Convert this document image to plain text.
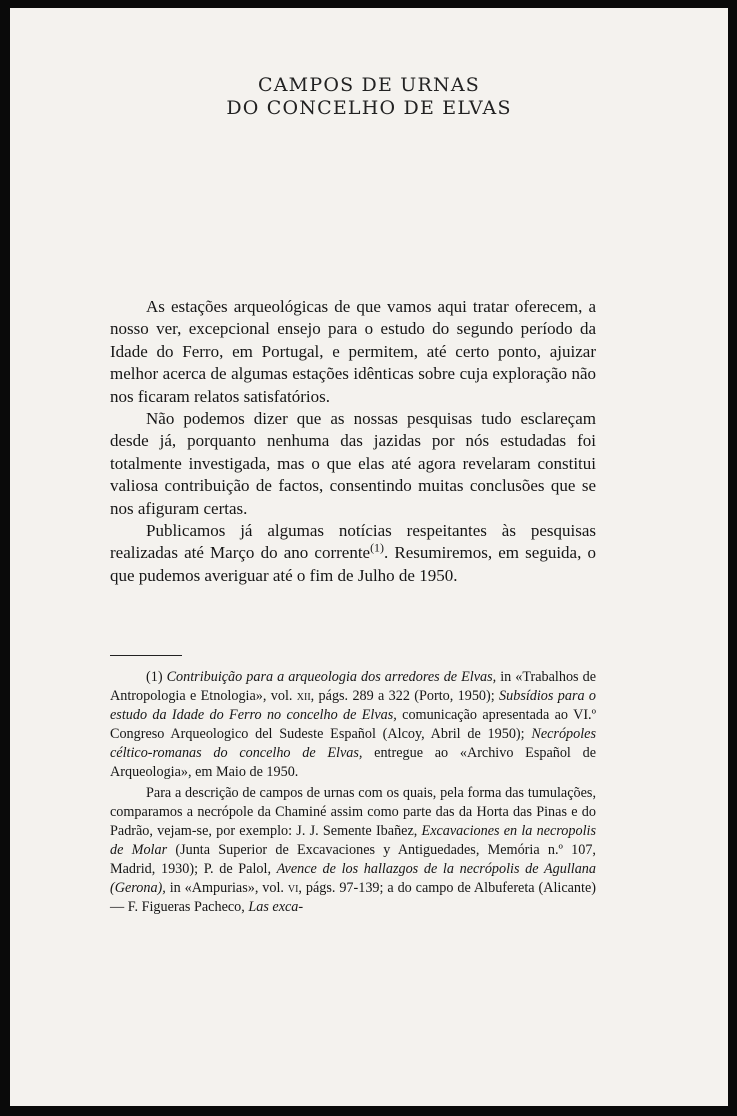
CAMPOS DE URNAS
DO CONCELHO DE ELVAS

As estações arqueológicas de que vamos aqui tratar oferecem, a nosso ver, excepcional ensejo para o estudo do segundo período da Idade do Ferro, em Portugal, e permitem, até certo ponto, ajuizar melhor acerca de algumas estações idênticas sobre cuja exploração não nos ficaram relatos satisfatórios.

Não podemos dizer que as nossas pesquisas tudo esclareçam desde já, porquanto nenhuma das jazidas por nós estudadas foi totalmente investigada, mas o que elas até agora revelaram constitui valiosa contribuição de factos, consentindo muitas conclusões que se nos afiguram certas.

Publicamos já algumas notícias respeitantes às pesquisas realizadas até Março do ano corrente$^{(1)}$. Resumiremos, em seguida, o que pudemos averiguar até o fim de Julho de 1950.

(1) Contribuição para a arqueologia dos arredores de Elvas, in «Trabalhos de Antropologia e Etnologia», vol. xii, págs. 289 a 322 (Porto, 1950); Subsídios para o estudo da Idade do Ferro no concelho de Elvas, comunicação apresentada ao VI.º Congreso Arqueologico del Sudeste Español (Alcoy, Abril de 1950); Necrópoles céltico-romanas do concelho de Elvas, entregue ao «Archivo Español de Arqueologia», em Maio de 1950.

Para a descrição de campos de urnas com os quais, pela forma das tumulações, comparamos a necrópole da Chaminé assim como parte das da Horta das Pinas e do Padrão, vejam-se, por exemplo: J. J. Semente Ibañez, Excavaciones en la necropolis de Molar (Junta Superior de Excavaciones y Antiguedades, Memória n.º 107, Madrid, 1930); P. de Palol, Avence de los hallazgos de la necrópolis de Agullana (Gerona), in «Ampurias», vol. vi, págs. 97-139; a do campo de Albufereta (Alicante) — F. Figueras Pacheco, Las exca-
